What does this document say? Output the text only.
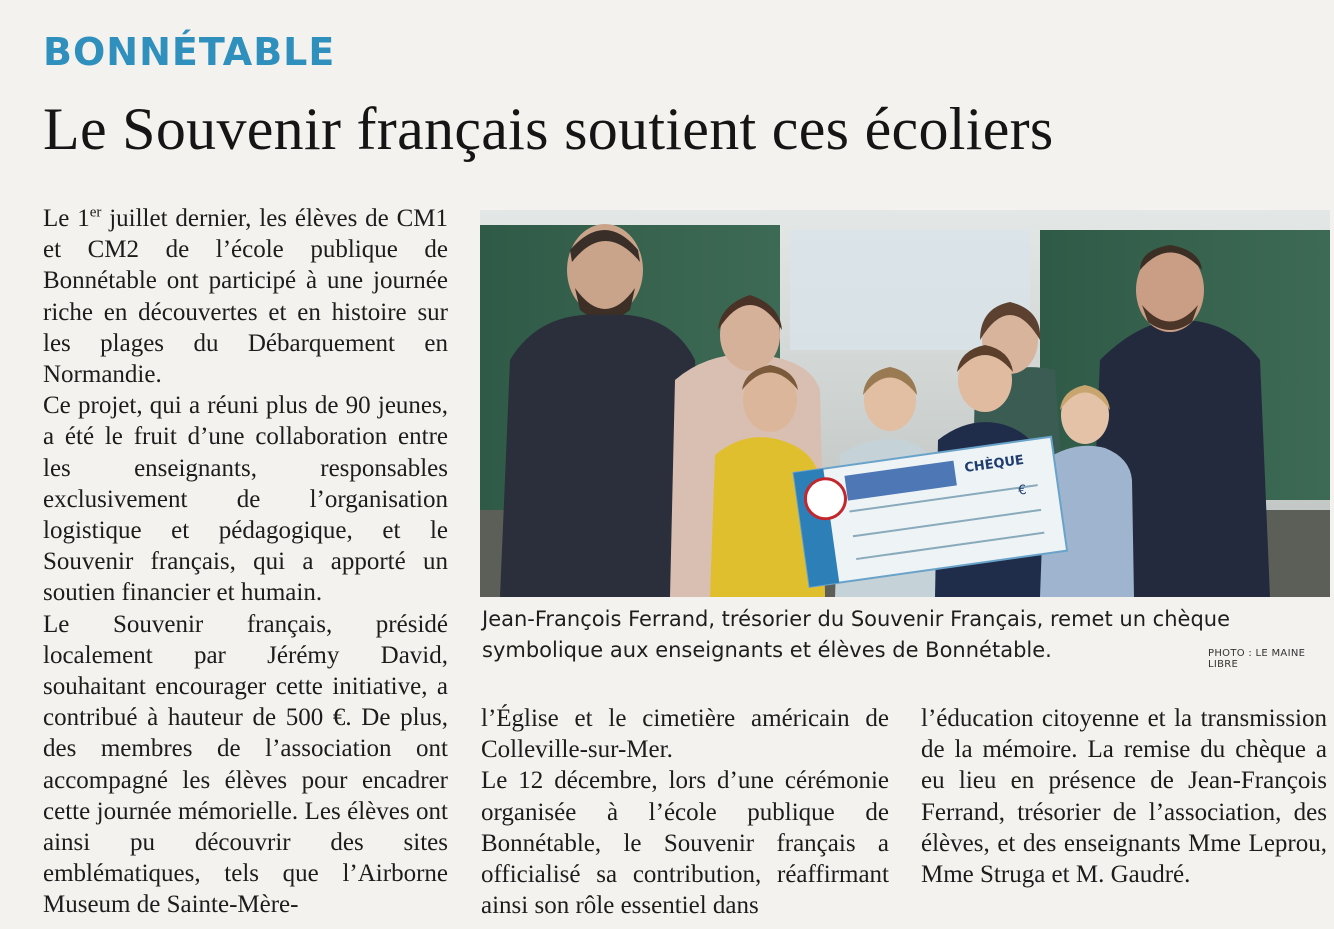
BONNÉTABLE
Le Souvenir français soutient ces écoliers

Le 1er juillet dernier, les élèves de CM1 et CM2 de l’école publique de Bonnétable ont participé à une journée riche en découvertes et en histoire sur les plages du Débarquement en Normandie.

Ce projet, qui a réuni plus de 90 jeunes, a été le fruit d’une collaboration entre les enseignants, responsables exclusivement de l’organisation logistique et pédagogique, et le Souvenir français, qui a apporté un soutien financier et humain.

Le Souvenir français, présidé localement par Jérémy David, souhaitant encourager cette initiative, a contribué à hauteur de 500 €. De plus, des membres de l’association ont accompagné les élèves pour encadrer cette journée mémorielle. Les élèves ont ainsi pu découvrir des sites emblématiques, tels que l’Airborne Museum de Sainte-Mère-

CHÈQUE
€
Jean-François Ferrand, trésorier du Souvenir Français, remet un chèque symbolique aux enseignants et élèves de Bonnétable.	PHOTO : LE MAINE LIBRE

l’Église et le cimetière américain de Colleville-sur-Mer.

Le 12 décembre, lors d’une cérémonie organisée à l’école publique de Bonnétable, le Souvenir français a officialisé sa contribution, réaffirmant ainsi son rôle essentiel dans

l’éducation citoyenne et la transmission de la mémoire. La remise du chèque a eu lieu en présence de Jean-François Ferrand, trésorier de l’association, des élèves, et des enseignants Mme Leprou, Mme Struga et M. Gaudré.
